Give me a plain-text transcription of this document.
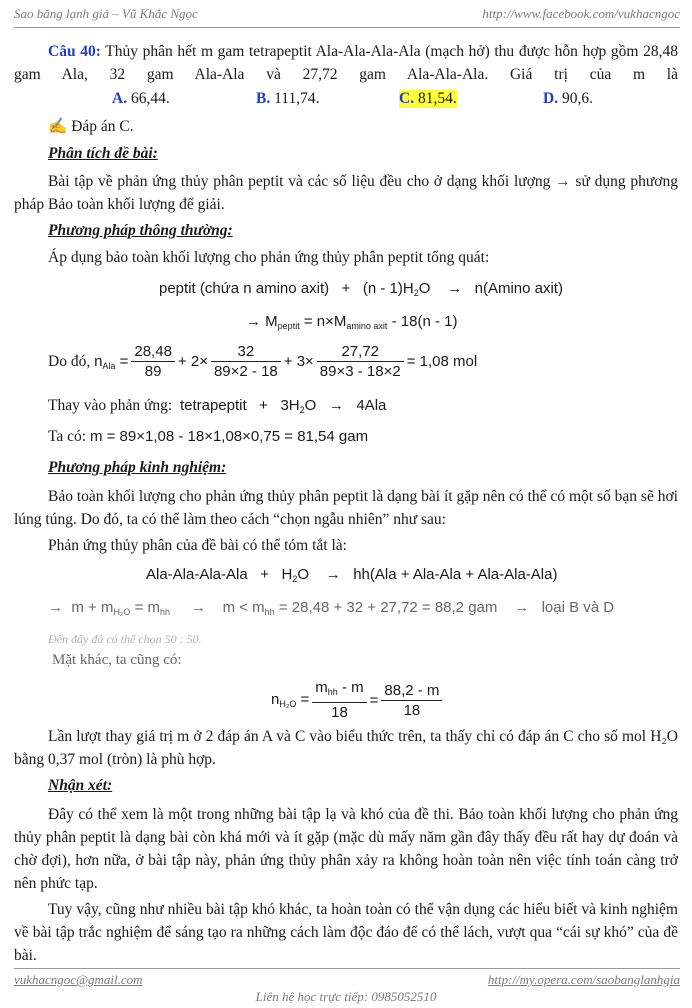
Sao băng lạnh giá – Vũ Khắc Ngọc	http://www.facebook.com/vukhacngoc
Câu 40: Thủy phân hết m gam tetrapeptit Ala-Ala-Ala-Ala (mạch hở) thu được hỗn hợp gồm 28,48 gam Ala, 32 gam Ala-Ala và 27,72 gam Ala-Ala-Ala. Giá trị của m là
A. 66,44.	B. 111,74.	C. 81,54.	D. 90,6.
✍ Đáp án C.
Phân tích đề bài:
Bài tập về phản ứng thủy phân peptit và các số liệu đều cho ở dạng khối lượng → sử dụng phương pháp Bảo toàn khối lượng để giải.
Phương pháp thông thường:
Áp dụng bảo toàn khối lượng cho phản ứng thủy phân peptit tổng quát:
peptit (chứa n amino axit)   +   $(n - 1)H_2O \to n(Amino$ axit)
→ $M_{peptit} = n\times M_{amino axit} - 18(n - 1)$
Do đó,
$n_{Ala} = \frac{28,48}{89} + 2\times \frac{32}{89\times 2 - 18} + 3\times \frac{27,72}{89\times 3 - 18\times 2} = 1,08$ mol
Thay vào phản ứng: tetrapeptit   +   $3H_2O \to 4Ala$
Ta có: m = 89×1,08 - 18×1,08×0,75 = 81,54 gam
Phương pháp kinh nghiệm:
Bảo toàn khối lượng cho phản ứng thủy phân peptit là dạng bài ít gặp nên có thể có một số bạn sẽ hơi lúng túng. Do đó, ta có thể làm theo cách “chọn ngẫu nhiên” như sau:
Phản ứng thủy phân của đề bài có thể tóm tắt là:
$Ala-Ala-Ala-Ala + H_2O \to hh(Ala + Ala-Ala + Ala-Ala-Ala)$
→ $m + m_{H_2O} = m_{hh} \to m < m_{hh} = 28,48 + 32 + 27,72 = 88,2$ gam → loại B và D
Đến đây đã có thể chọn 50 : 50.
Mặt khác, ta cũng có:
$n_{H_2O} = \frac{m_{hh} - m}{18} = \frac{88,2 - m}{18}$
Lần lượt thay giá trị m ở 2 đáp án A và C vào biểu thức trên, ta thấy chỉ có đáp án C cho số mol H₂O bằng 0,37 mol (tròn) là phù hợp.
Nhận xét:
Đây có thể xem là một trong những bài tập lạ và khó của đề thi. Bảo toàn khối lượng cho phản ứng thủy phân peptit là dạng bài còn khá mới và ít gặp (mặc dù mấy năm gần đây thấy đều rất hay dự đoán và chờ đợi), hơn nữa, ở bài tập này, phản ứng thủy phân xảy ra không hoàn toàn nên việc tính toán càng trở nên phức tạp.
Tuy vậy, cũng như nhiều bài tập khó khác, ta hoàn toàn có thể vận dụng các hiểu biết và kinh nghiệm về bài tập trắc nghiệm để sáng tạo ra những cách làm độc đáo để có thể lách, vượt qua “cái sự khó” của đề bài.
vukhacngoc@gmail.com	http://my.opera.com/saobanglanhgia
Liên hệ học trực tiếp: 0985052510
